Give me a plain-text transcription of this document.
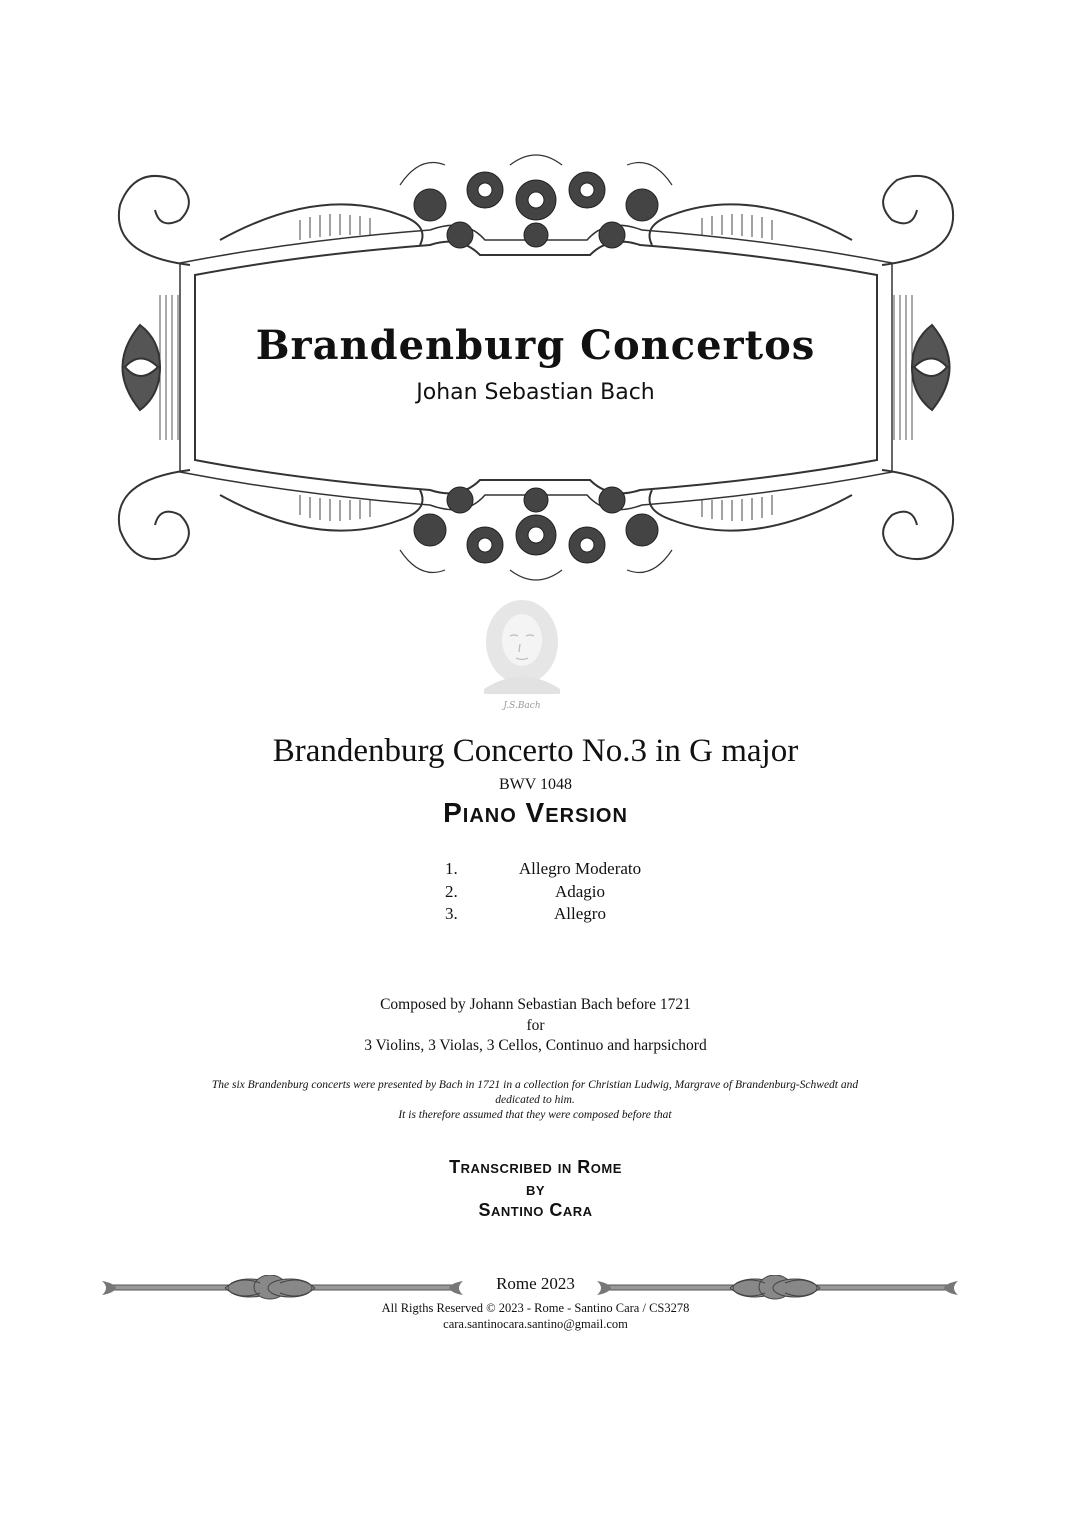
Brandenburg Concertos
Johan Sebastian Bach
J.S.Bach
Brandenburg Concerto No.3 in G major
BWV 1048
Piano Version
1.	Allegro Moderato
2.	Adagio
3.	Allegro
Composed by Johann Sebastian Bach before 1721
for
3 Violins, 3 Violas, 3 Cellos, Continuo and harpsichord
The six Brandenburg concerts were presented by Bach in 1721 in a collection for Christian Ludwig, Margrave of Brandenburg-Schwedt and
dedicated to him.
It is therefore assumed that they were composed before that
Transcribed in Rome
by
Santino Cara
Rome 2023
All Rigths Reserved © 2023 - Rome - Santino Cara / CS3278
cara.santinocara.santino@gmail.com
